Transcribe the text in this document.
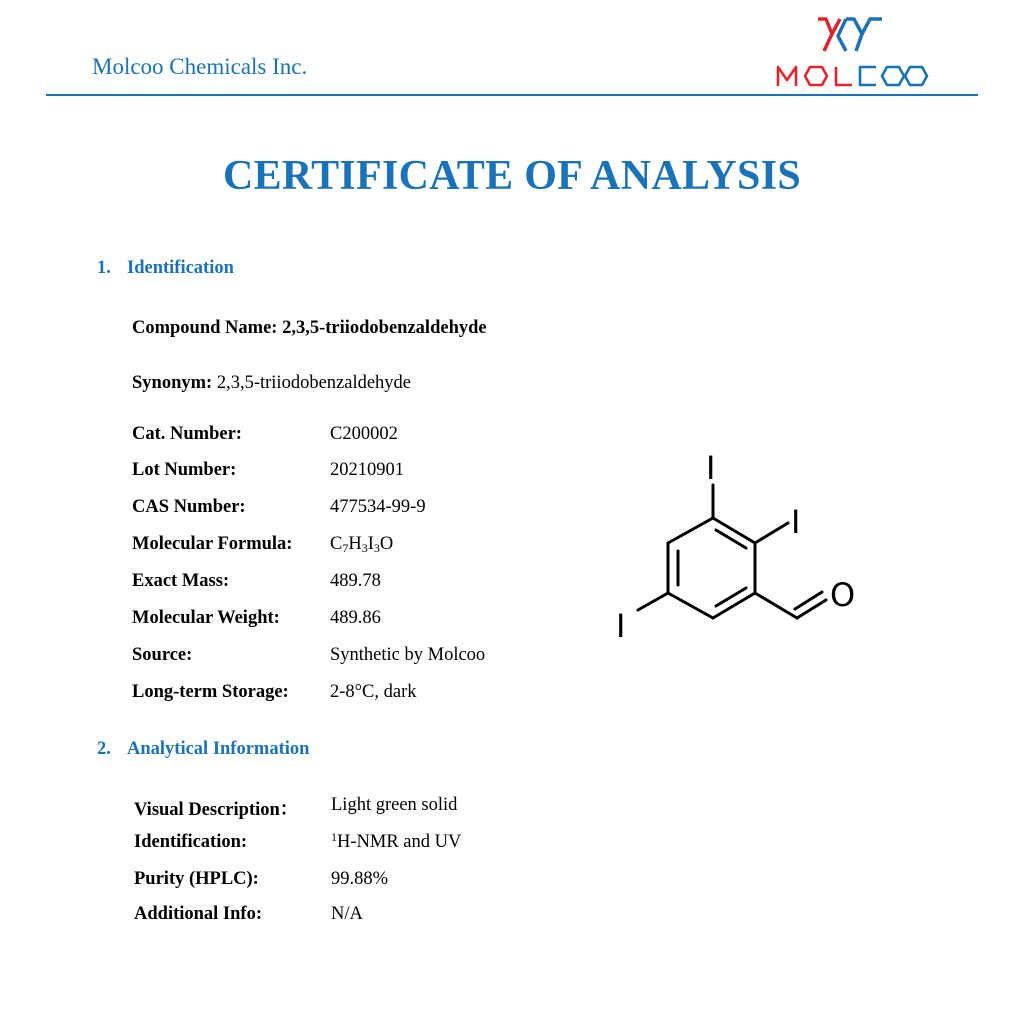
Molcoo Chemicals Inc.
CERTIFICATE OF ANALYSIS
1. Identification
Compound Name: 2,3,5-triiodobenzaldehyde
Synonym: 2,3,5-triiodobenzaldehyde
Cat. Number:	C200002
Lot Number:	20210901
CAS Number:	477534-99-9
Molecular Formula: $C_7H_3I_3O$
Exact Mass:	489.78
Molecular Weight:	489.86
Source:	Synthetic by Molcoo
Long-term Storage: 2-8°C, dark
I
I
I
O
2. Analytical Information
Visual Description： Light green solid
Identification:	$^1$H-NMR and UV
Purity (HPLC):	99.88%
Additional Info:	N/A
